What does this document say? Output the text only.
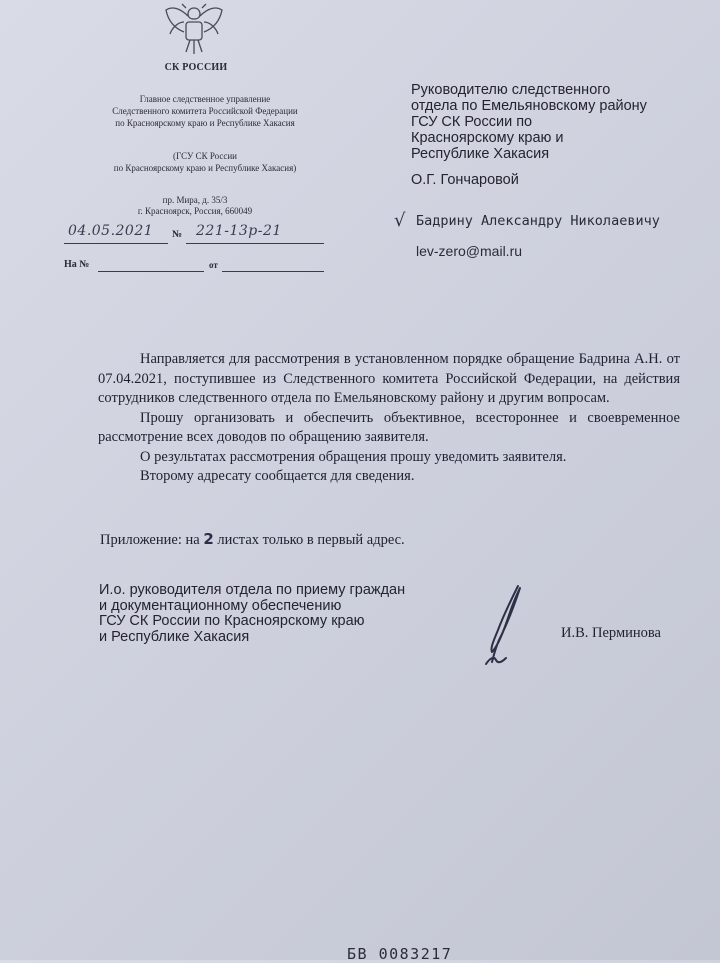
СК РОССИИ
Главное следственное управление
Следственного комитета Российской Федерации
по Красноярскому краю и Республике Хакасия
(ГСУ СК России
по Красноярскому краю и Республике Хакасия)
пр. Мира, д. 35/3
г. Красноярск, Россия, 660049
04.05.2021 № 221-13р-21
На №	от
Руководителю следственного
отдела по Емельяновскому району
ГСУ СК России по
Красноярскому краю и
Республике Хакасия
О.Г. Гончаровой
√ Бадрину Александру Николаевичу
lev-zero@mail.ru

Направляется для рассмотрения в установленном порядке обращение Бадрина А.Н. от 07.04.2021, поступившее из Следственного комитета Российской Федерации, на действия сотрудников следственного отдела по Емельяновскому району и другим вопросам.

Прошу организовать и обеспечить объективное, всестороннее и своевременное рассмотрение всех доводов по обращению заявителя.

О результатах рассмотрения обращения прошу уведомить заявителя.

Второму адресату сообщается для сведения.

Приложение: на 2 листах только в первый адрес.
И.о. руководителя отдела по приему граждан
и документационному обеспечению
ГСУ СК России по Красноярскому краю
и Республике Хакасия	И.В. Перминова
БВ 0083217
